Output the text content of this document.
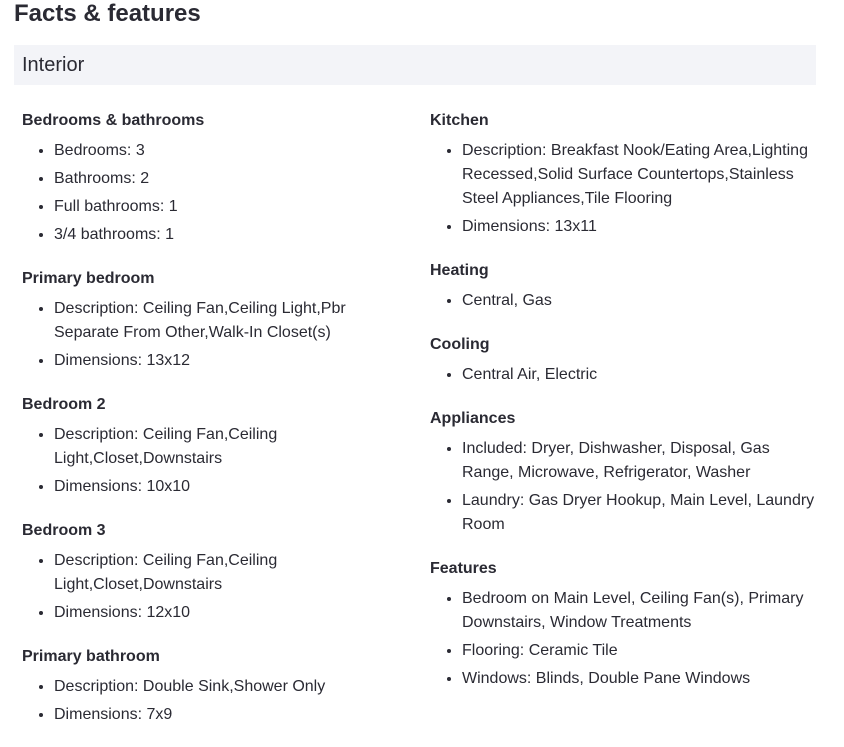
Facts & features
Interior
Bedrooms & bathrooms
• Bedrooms: 3
• Bathrooms: 2
• Full bathrooms: 1
• 3/4 bathrooms: 1
Primary bedroom
• Description: Ceiling Fan,Ceiling Light,Pbr Separate From Other,Walk-In Closet(s)
• Dimensions: 13x12
Bedroom 2
• Description: Ceiling Fan,Ceiling Light,Closet,Downstairs
• Dimensions: 10x10
Bedroom 3
• Description: Ceiling Fan,Ceiling Light,Closet,Downstairs
• Dimensions: 12x10
Primary bathroom
• Description: Double Sink,Shower Only
• Dimensions: 7x9
Kitchen
• Description: Breakfast Nook/Eating Area,Lighting Recessed,Solid Surface Countertops,Stainless Steel Appliances,Tile Flooring
• Dimensions: 13x11
Heating
• Central, Gas
Cooling
• Central Air, Electric
Appliances
• Included: Dryer, Dishwasher, Disposal, Gas Range, Microwave, Refrigerator, Washer
• Laundry: Gas Dryer Hookup, Main Level, Laundry Room
Features
• Bedroom on Main Level, Ceiling Fan(s), Primary Downstairs, Window Treatments
• Flooring: Ceramic Tile
• Windows: Blinds, Double Pane Windows
